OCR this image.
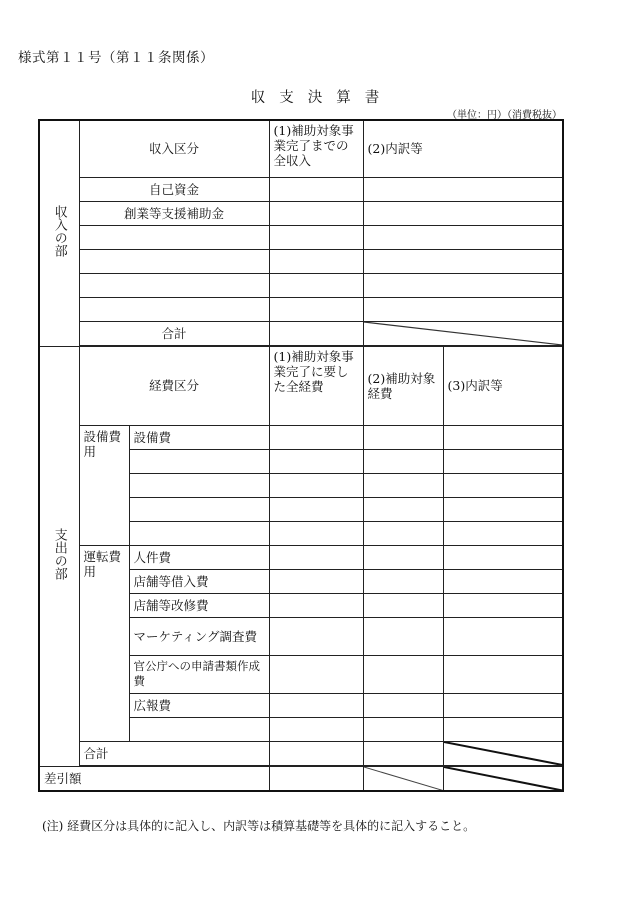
様式第１１号（第１１条関係）
収支決算書
（単位：円）（消費税抜）
収入の部	収入区分		(1)補助対象事業完了までの全収入	(2)内訳等	
	自己資金				
	創業等支援補助金				

	合計		

支出の部	経費区分		(1)補助対象事業完了に要した全経費	(2)補助対象経費	(3)内訳等
	設備費用	設備費			

	運転費用	人件費			
		店舗等借入費			
		店舗等改修費			
		マーケティング調査費			
		官公庁への申請書類作成費			
		広報費			

	合計			

差引額		

(注) 経費区分は具体的に記入し、内訳等は積算基礎等を具体的に記入すること。
